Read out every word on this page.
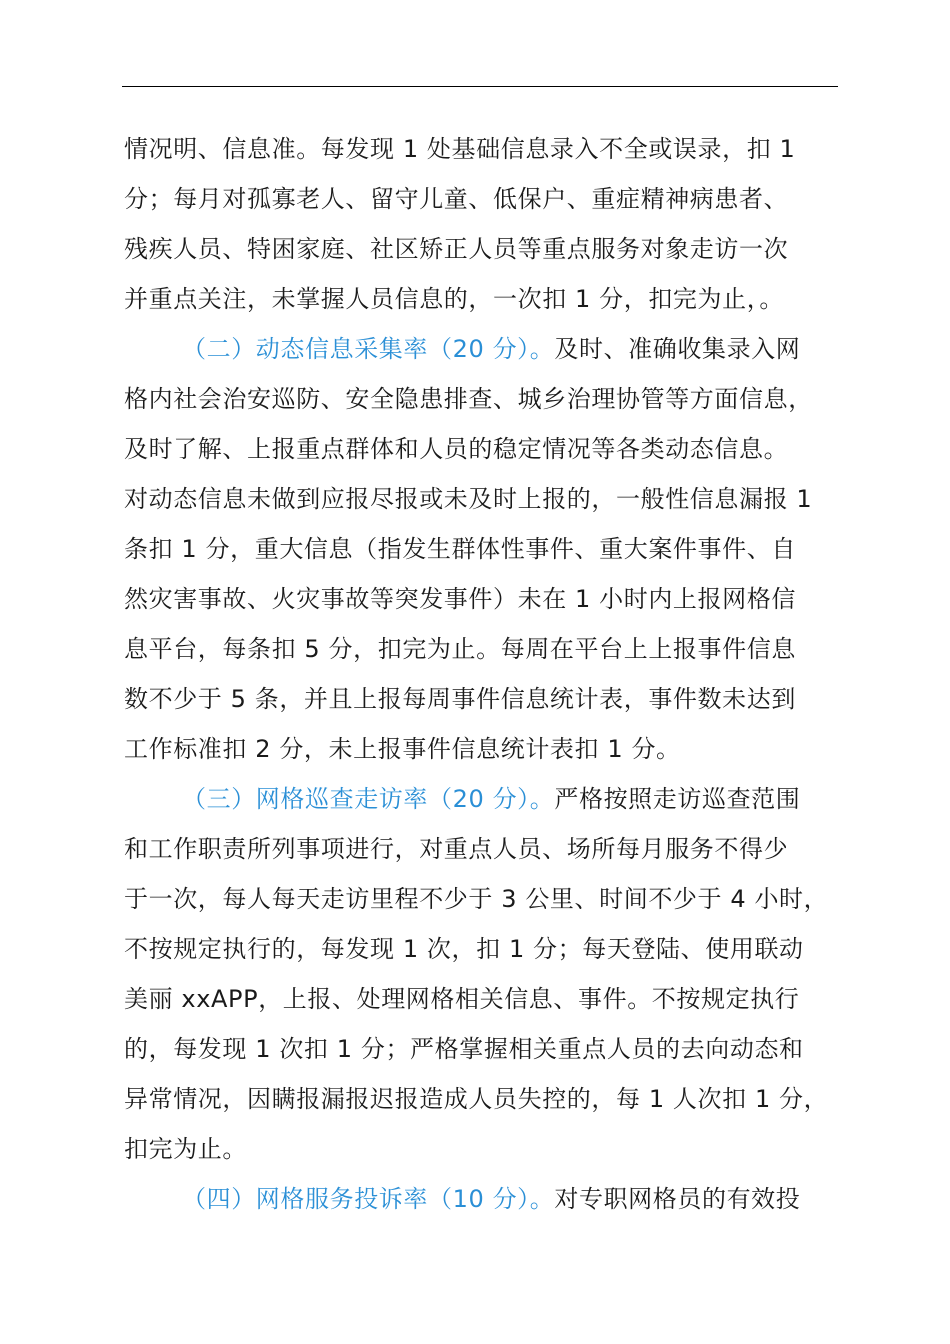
情况明、信息准。每发现 1 处基础信息录入不全或误录，扣 1
分；每月对孤寡老人、留守儿童、低保户、重症精神病患者、
残疾人员、特困家庭、社区矫正人员等重点服务对象走访一次
并重点关注，未掌握人员信息的，一次扣 1 分，扣完为止，。
（二）动态信息采集率（20 分）。及时、准确收集录入网
格内社会治安巡防、安全隐患排查、城乡治理协管等方面信息，
及时了解、上报重点群体和人员的稳定情况等各类动态信息。
对动态信息未做到应报尽报或未及时上报的，一般性信息漏报 1
条扣 1 分，重大信息（指发生群体性事件、重大案件事件、自
然灾害事故、火灾事故等突发事件）未在 1 小时内上报网格信
息平台，每条扣 5 分，扣完为止。每周在平台上上报事件信息
数不少于 5 条，并且上报每周事件信息统计表，事件数未达到
工作标准扣 2 分，未上报事件信息统计表扣 1 分。
（三）网格巡查走访率（20 分）。严格按照走访巡查范围
和工作职责所列事项进行，对重点人员、场所每月服务不得少
于一次，每人每天走访里程不少于 3 公里、时间不少于 4 小时，
不按规定执行的，每发现 1 次，扣 1 分；每天登陆、使用联动
美丽 xxAPP，上报、处理网格相关信息、事件。不按规定执行
的，每发现 1 次扣 1 分；严格掌握相关重点人员的去向动态和
异常情况，因瞒报漏报迟报造成人员失控的，每 1 人次扣 1 分，
扣完为止。
（四）网格服务投诉率（10 分）。对专职网格员的有效投
